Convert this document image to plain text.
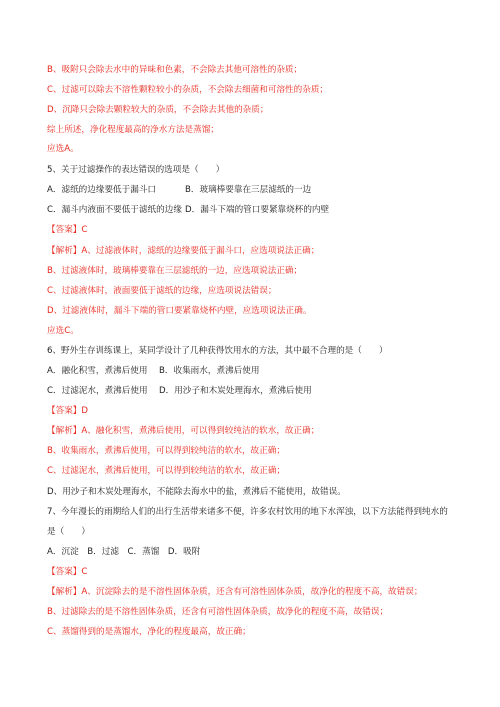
B、吸附只会除去水中的异味和色素，不会除去其他可溶性的杂质；
C、过滤可以除去不溶性颗粒较小的杂质，不会除去细菌和可溶性的杂质；
D、沉降只会除去颗粒较大的杂质，不会除去其他的杂质；
综上所述，净化程度最高的净水方法是蒸馏；
应选A。
5、关于过滤操作的表达错误的选项是（　　）
A．滤纸的边缘要低于漏斗口	B．玻璃棒要靠在三层滤纸的一边
C．漏斗内液面不要低于滤纸的边缘 D．漏斗下端的管口要紧靠烧杯的内壁
【答案】C
【解析】A、过滤液体时，滤纸的边缘要低于漏斗口，应选项说法正确；
B、过滤液体时，玻璃棒要靠在三层滤纸的一边，应选项说法正确；
C、过滤液体时，液面要低于滤纸的边缘，应选项说法错误；
D、过滤液体时，漏斗下端的管口要紧靠烧杯内壁，应选项说法正确。
应选C。
6、野外生存训练课上，某同学设计了几种获得饮用水的方法，其中最不合理的是（　　）
A．融化积雪，煮沸后使用 B．收集雨水，煮沸后使用
C．过滤泥水，煮沸后使用 D．用沙子和木炭处理海水，煮沸后使用
【答案】D
【解析】A、融化积雪，煮沸后使用，可以得到较纯洁的软水，故正确；
B、收集雨水，煮沸后使用，可以得到较纯洁的软水，故正确；
C、过滤泥水，煮沸后使用，可以得到较纯洁的软水，故正确；
D、用沙子和木炭处理海水，不能除去海水中的盐，煮沸后不能使用，故错误。
7、今年漫长的雨期给人们的出行生活带来诸多不便，许多农村饮用的地下水浑浊，以下方法能得到纯水的
是（　　）
A．沉淀　B．过滤　C．蒸馏　D．吸附
【答案】C
【解析】A、沉淀除去的是不溶性固体杂质，还含有可溶性固体杂质，故净化的程度不高，故错误；
B、过滤除去的是不溶性固体杂质，还含有可溶性固体杂质，故净化的程度不高，故错误；
C、蒸馏得到的是蒸馏水，净化的程度最高，故正确；
